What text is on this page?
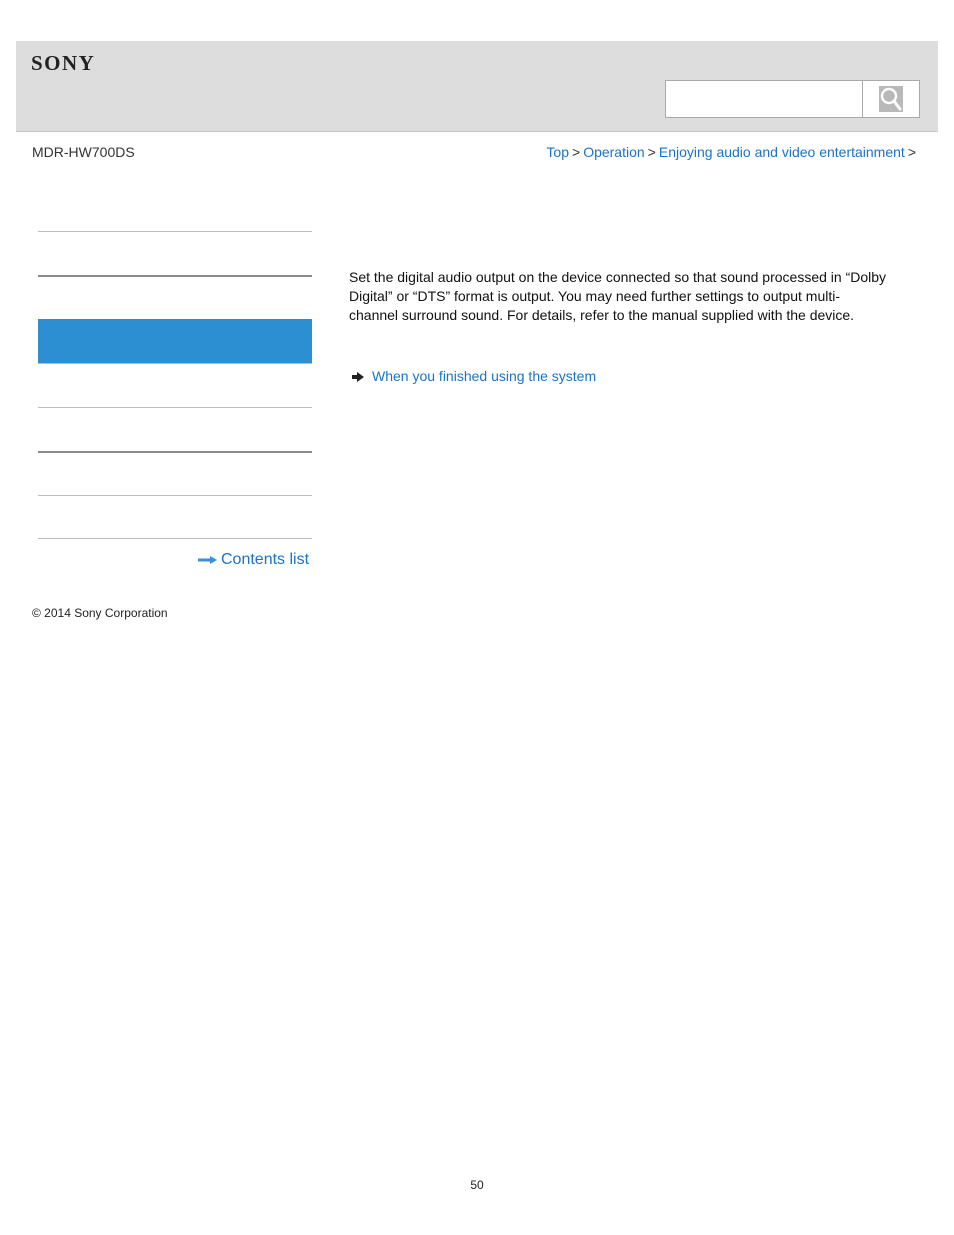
SONY
MDR-HW700DS	Top > Operation > Enjoying audio and video entertainment >
Contents list
Set the digital audio output on the device connected so that sound processed in “Dolby Digital” or “DTS” format is output. You may need further settings to output multi-channel surround sound. For details, refer to the manual supplied with the device.
When you finished using the system
© 2014 Sony Corporation
50
